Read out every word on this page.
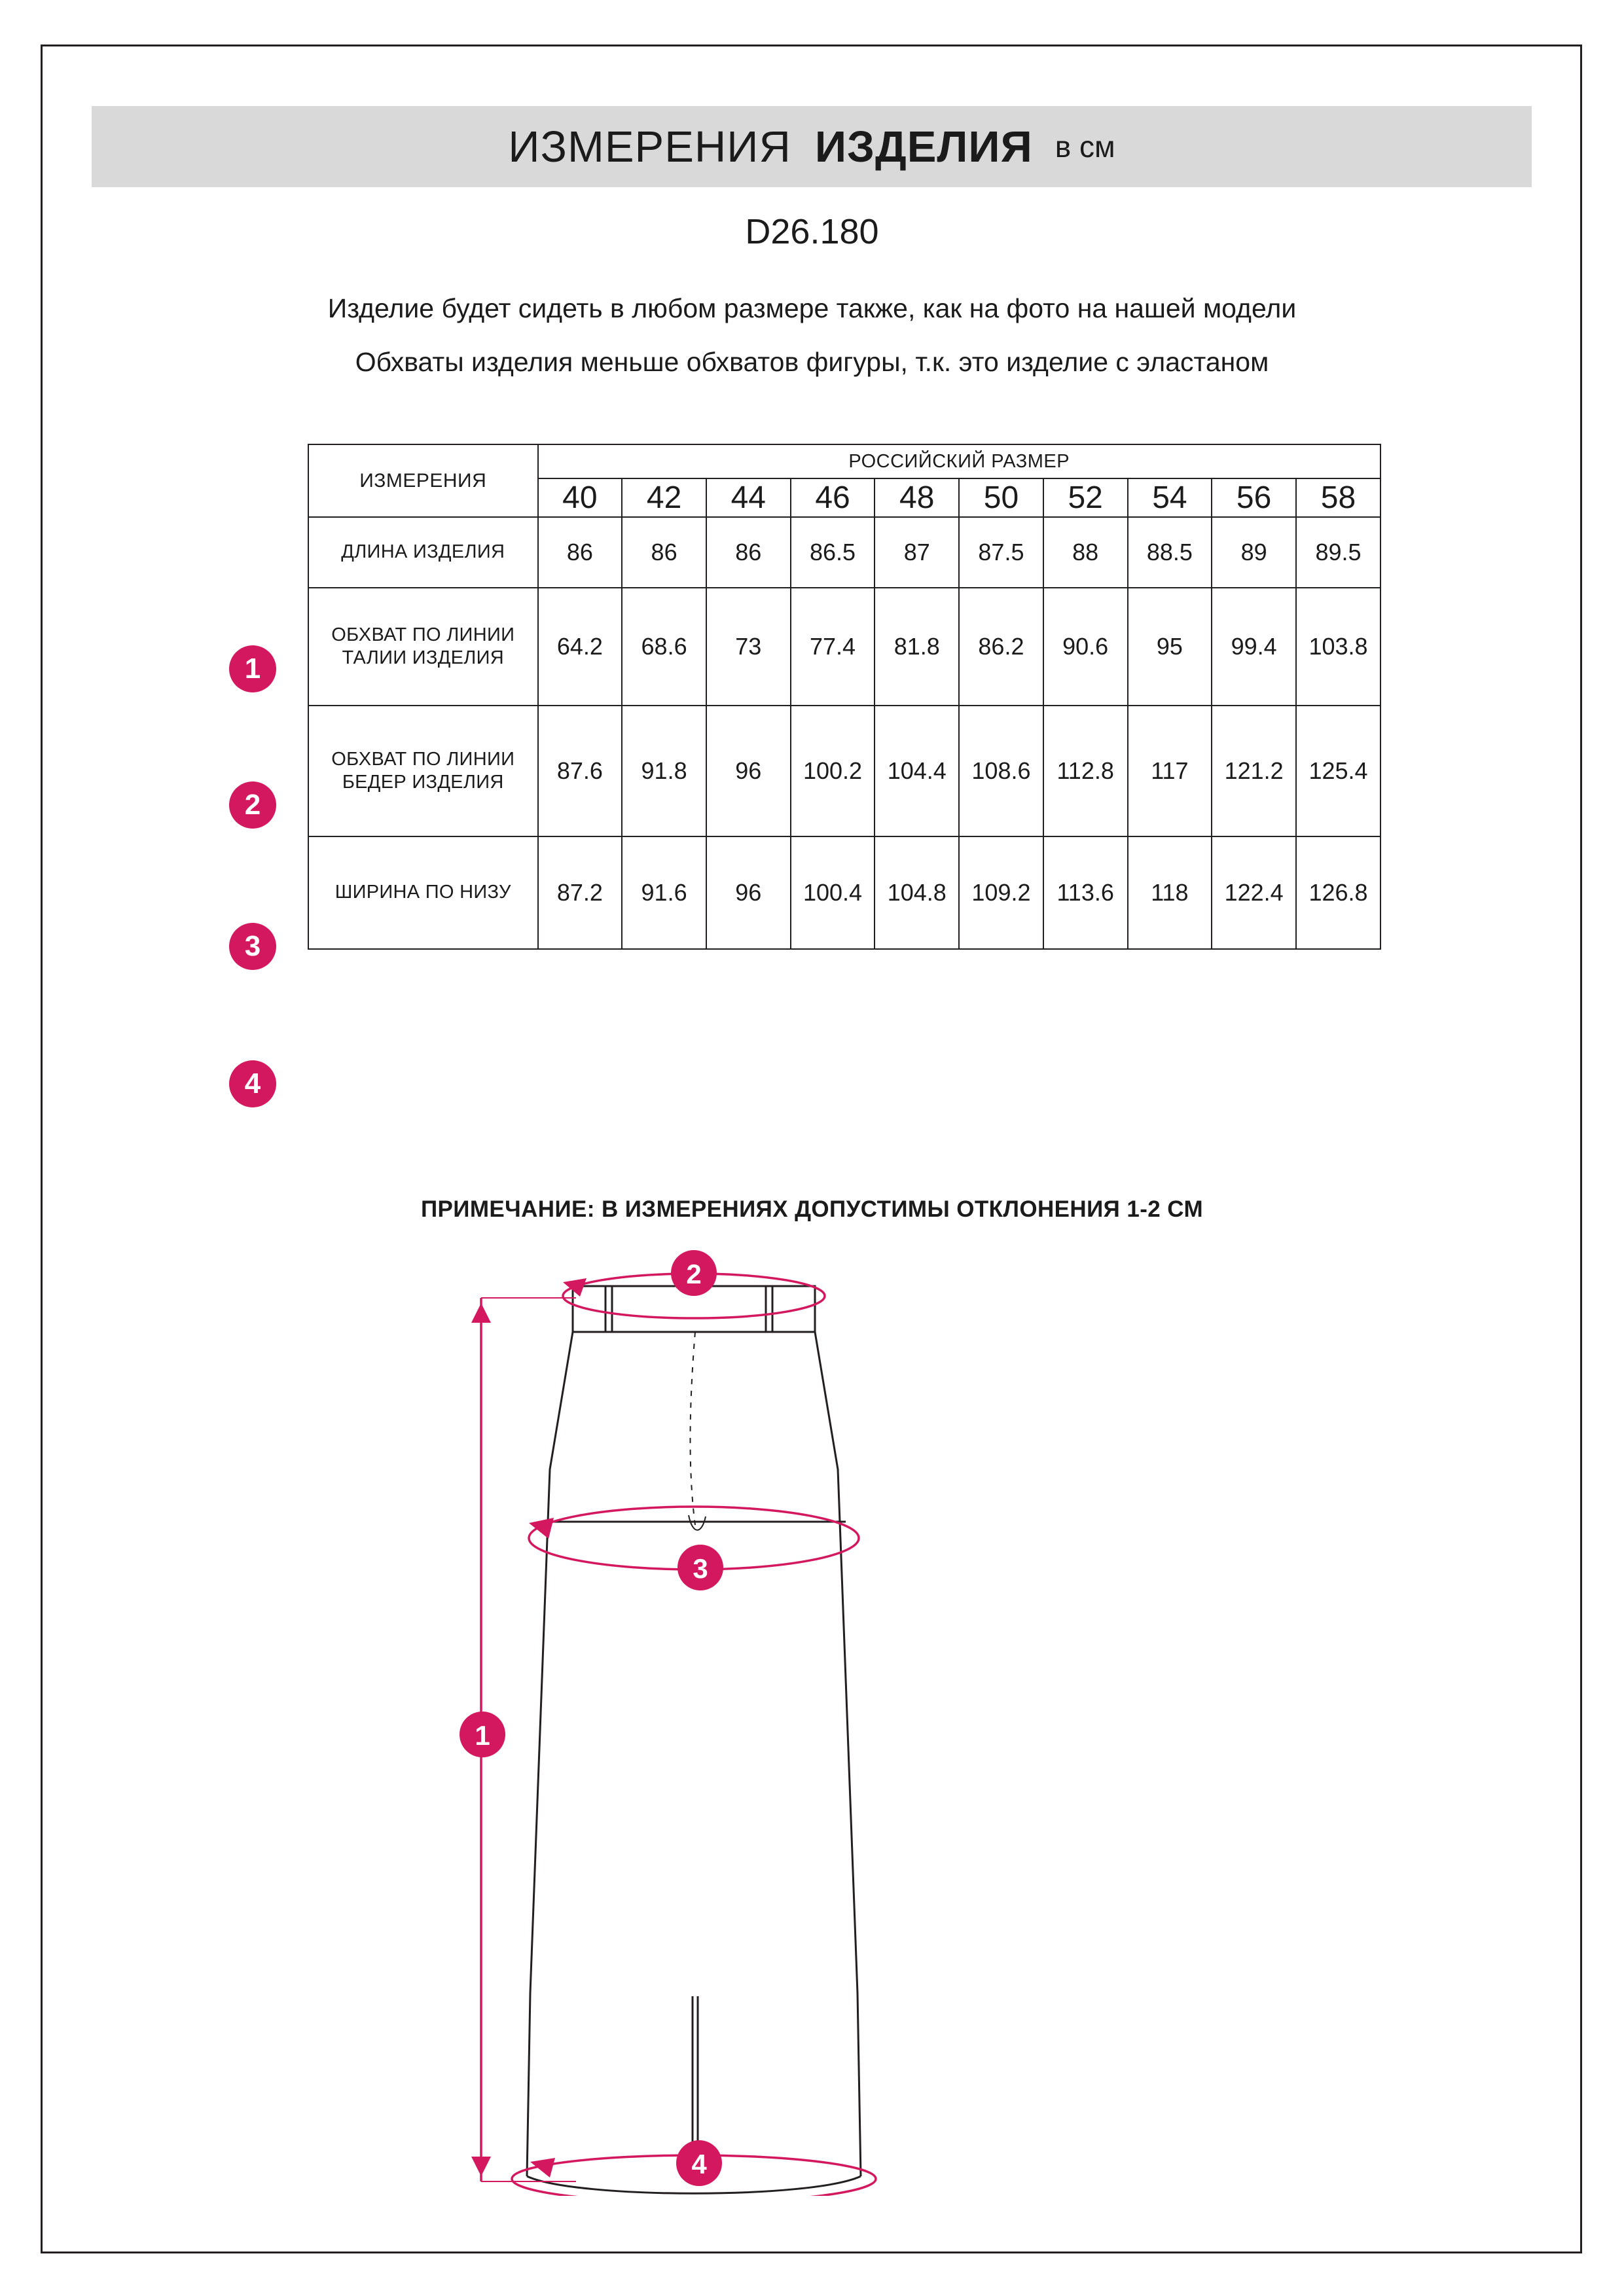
ИЗМЕРЕНИЯ ИЗДЕЛИЯ в см
D26.180
Изделие будет сидеть в любом размере также, как на фото на нашей модели
Обхваты изделия меньше обхватов фигуры, т.к. это изделие с эластаном
ИЗМЕРЕНИЯ	РОССИЙСКИЙ РАЗМЕР									
	40	42	44	46	48	50	52	54	56	58
ДЛИНА ИЗДЕЛИЯ	86	86	86	86.5	87	87.5	88	88.5	89	89.5
ОБХВАТ ПО ЛИНИИ ТАЛИИ ИЗДЕЛИЯ	64.2	68.6	73	77.4	81.8	86.2	90.6	95	99.4	103.8
ОБХВАТ ПО ЛИНИИ БЕДЕР ИЗДЕЛИЯ	87.6	91.8	96	100.2	104.4	108.6	112.8	117	121.2	125.4
ШИРИНА ПО НИЗУ	87.2	91.6	96	100.4	104.8	109.2	113.6	118	122.4	126.8
1
2
3
4
ПРИМЕЧАНИЕ: В ИЗМЕРЕНИЯХ ДОПУСТИМЫ ОТКЛОНЕНИЯ 1-2 СМ
2
3
1
4
